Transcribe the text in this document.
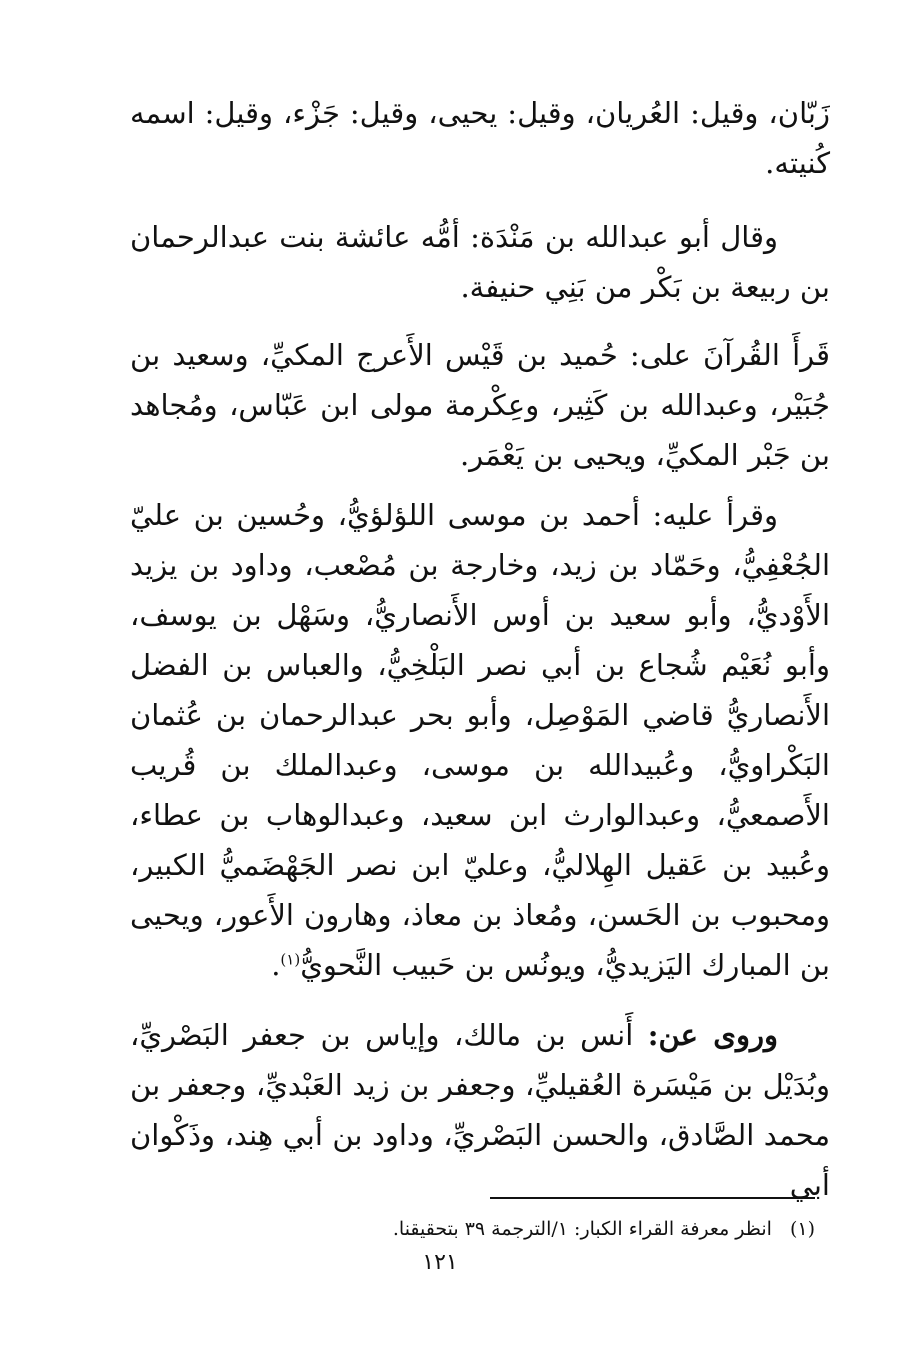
زَبّان، وقيل: العُريان، وقيل: يحيى، وقيل: جَزْء، وقيل: اسمه كُنيته.

وقال أبو عبدالله بن مَنْدَة: أمُّه عائشة بنت عبدالرحمان بن ربيعة بن بَكْر من بَنِي حنيفة.

قَرأَ القُرآنَ على: حُميد بن قَيْس الأَعرج المكيِّ، وسعيد بن جُبَيْر، وعبدالله بن كَثِير، وعِكْرمة مولى ابن عَبّاس، ومُجاهد بن جَبْر المكيِّ، ويحيى بن يَعْمَر.

وقرأ عليه: أحمد بن موسى اللؤلؤيُّ، وحُسين بن عليّ الجُعْفِيُّ، وحَمّاد بن زيد، وخارجة بن مُصْعب، وداود بن يزيد الأَوْديُّ، وأبو سعيد بن أوس الأَنصاريُّ، وسَهْل بن يوسف، وأبو نُعَيْم شُجاع بن أبي نصر البَلْخِيُّ، والعباس بن الفضل الأَنصاريُّ قاضي المَوْصِل، وأبو بحر عبدالرحمان بن عُثمان البَكْراويُّ، وعُبيدالله بن موسى، وعبدالملك بن قُريب الأَصمعيُّ، وعبدالوارث ابن سعيد، وعبدالوهاب بن عطاء، وعُبيد بن عَقيل الهِلاليُّ، وعليّ ابن نصر الجَهْضَميُّ الكبير، ومحبوب بن الحَسن، ومُعاذ بن معاذ، وهارون الأَعور، ويحيى بن المبارك اليَزيديُّ، ويونُس بن حَبيب النَّحويُّ$^{(١)}$.

وروى عن: أَنس بن مالك، وإياس بن جعفر البَصْريِّ، وبُدَيْل بن مَيْسَرة العُقيليِّ، وجعفر بن زيد العَبْديِّ، وجعفر بن محمد الصَّادق، والحسن البَصْريِّ، وداود بن أبي هِند، وذَكْوان أبي

(١)انظر معرفة القراء الكبار: ١/الترجمة ٣٩ بتحقيقنا.

١٢١
